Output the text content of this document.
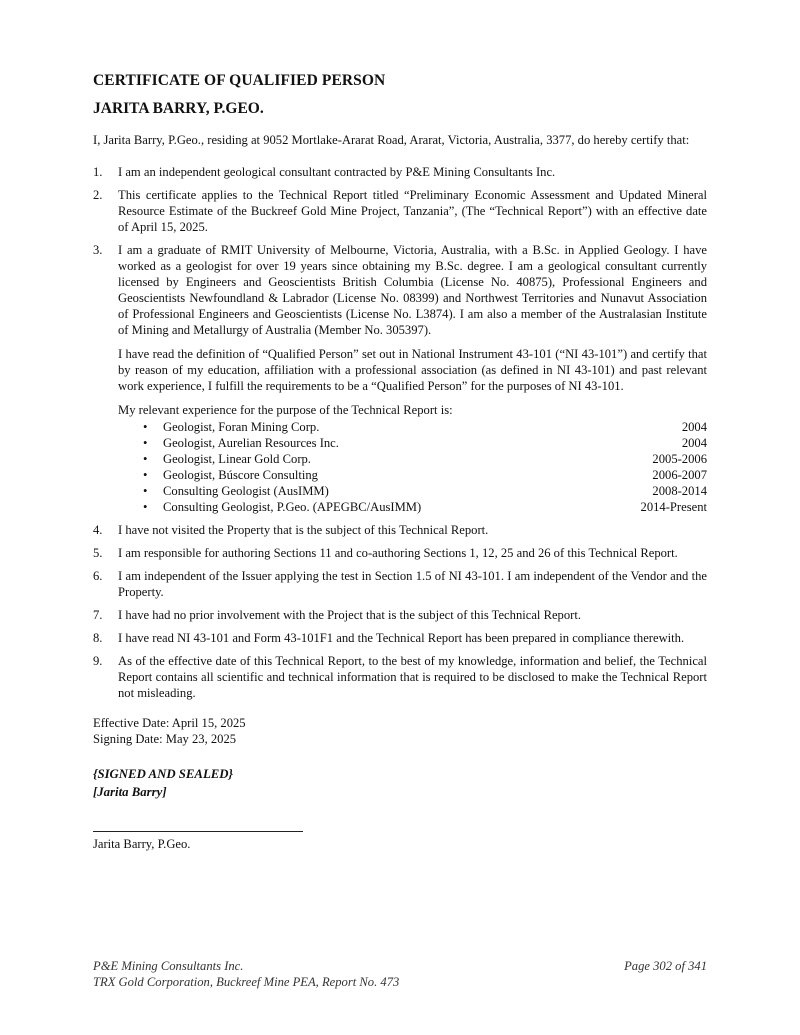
CERTIFICATE OF QUALIFIED PERSON
JARITA BARRY, P.GEO.

I, Jarita Barry, P.Geo., residing at 9052 Mortlake-Ararat Road, Ararat, Victoria, Australia, 3377, do hereby certify that:

1. I am an independent geological consultant contracted by P&E Mining Consultants Inc.

2. This certificate applies to the Technical Report titled “Preliminary Economic Assessment and Updated Mineral Resource Estimate of the Buckreef Gold Mine Project, Tanzania”, (The “Technical Report”) with an effective date of April 15, 2025.

3. I am a graduate of RMIT University of Melbourne, Victoria, Australia, with a B.Sc. in Applied Geology. I have worked as a geologist for over 19 years since obtaining my B.Sc. degree. I am a geological consultant currently licensed by Engineers and Geoscientists British Columbia (License No. 40875), Professional Engineers and Geoscientists Newfoundland & Labrador (License No. 08399) and Northwest Territories and Nunavut Association of Professional Engineers and Geoscientists (License No. L3874). I am also a member of the Australasian Institute of Mining and Metallurgy of Australia (Member No. 305397).

I have read the definition of “Qualified Person” set out in National Instrument 43-101 (“NI 43-101”) and certify that by reason of my education, affiliation with a professional association (as defined in NI 43-101) and past relevant work experience, I fulfill the requirements to be a “Qualified Person” for the purposes of NI 43-101.

My relevant experience for the purpose of the Technical Report is:

• Geologist, Foran Mining Corp.	2004
• Geologist, Aurelian Resources Inc.	2004
• Geologist, Linear Gold Corp.	2005-2006
• Geologist, Búscore Consulting	2006-2007
• Consulting Geologist (AusIMM)	2008-2014
• Consulting Geologist, P.Geo. (APEGBC/AusIMM)	2014-Present
4. I have not visited the Property that is the subject of this Technical Report.

5. I am responsible for authoring Sections 11 and co-authoring Sections 1, 12, 25 and 26 of this Technical Report.

6. I am independent of the Issuer applying the test in Section 1.5 of NI 43-101. I am independent of the Vendor and the Property.

7. I have had no prior involvement with the Project that is the subject of this Technical Report.

8. I have read NI 43-101 and Form 43-101F1 and the Technical Report has been prepared in compliance therewith.

9. As of the effective date of this Technical Report, to the best of my knowledge, information and belief, the Technical Report contains all scientific and technical information that is required to be disclosed to make the Technical Report not misleading.

Effective Date: April 15, 2025

Signing Date: May 23, 2025

{SIGNED AND SEALED}

[Jarita Barry]

Jarita Barry, P.Geo.

P&E Mining Consultants Inc.	Page 302 of 341
TRX Gold Corporation, Buckreef Mine PEA, Report No. 473
